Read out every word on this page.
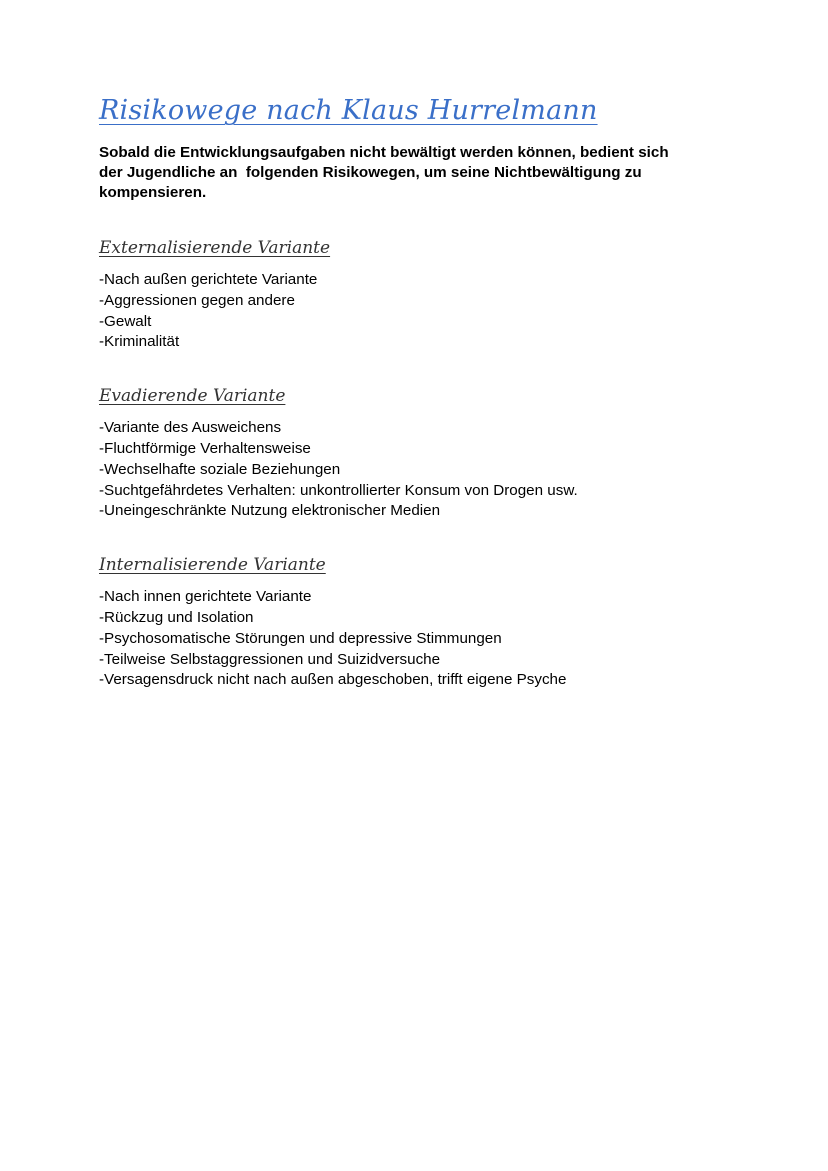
Risikowege nach Klaus Hurrelmann

Sobald die Entwicklungsaufgaben nicht bewältigt werden können, bedient sich
der Jugendliche an  folgenden Risikowegen, um seine Nichtbewältigung zu
kompensieren.

Externalisierende Variante
-Nach außen gerichtete Variante
-Aggressionen gegen andere
-Gewalt
-Kriminalität
Evadierende Variante
-Variante des Ausweichens
-Fluchtförmige Verhaltensweise
-Wechselhafte soziale Beziehungen
-Suchtgefährdetes Verhalten: unkontrollierter Konsum von Drogen usw.
-Uneingeschränkte Nutzung elektronischer Medien
Internalisierende Variante
-Nach innen gerichtete Variante
-Rückzug und Isolation
-Psychosomatische Störungen und depressive Stimmungen
-Teilweise Selbstaggressionen und Suizidversuche
-Versagensdruck nicht nach außen abgeschoben, trifft eigene Psyche
